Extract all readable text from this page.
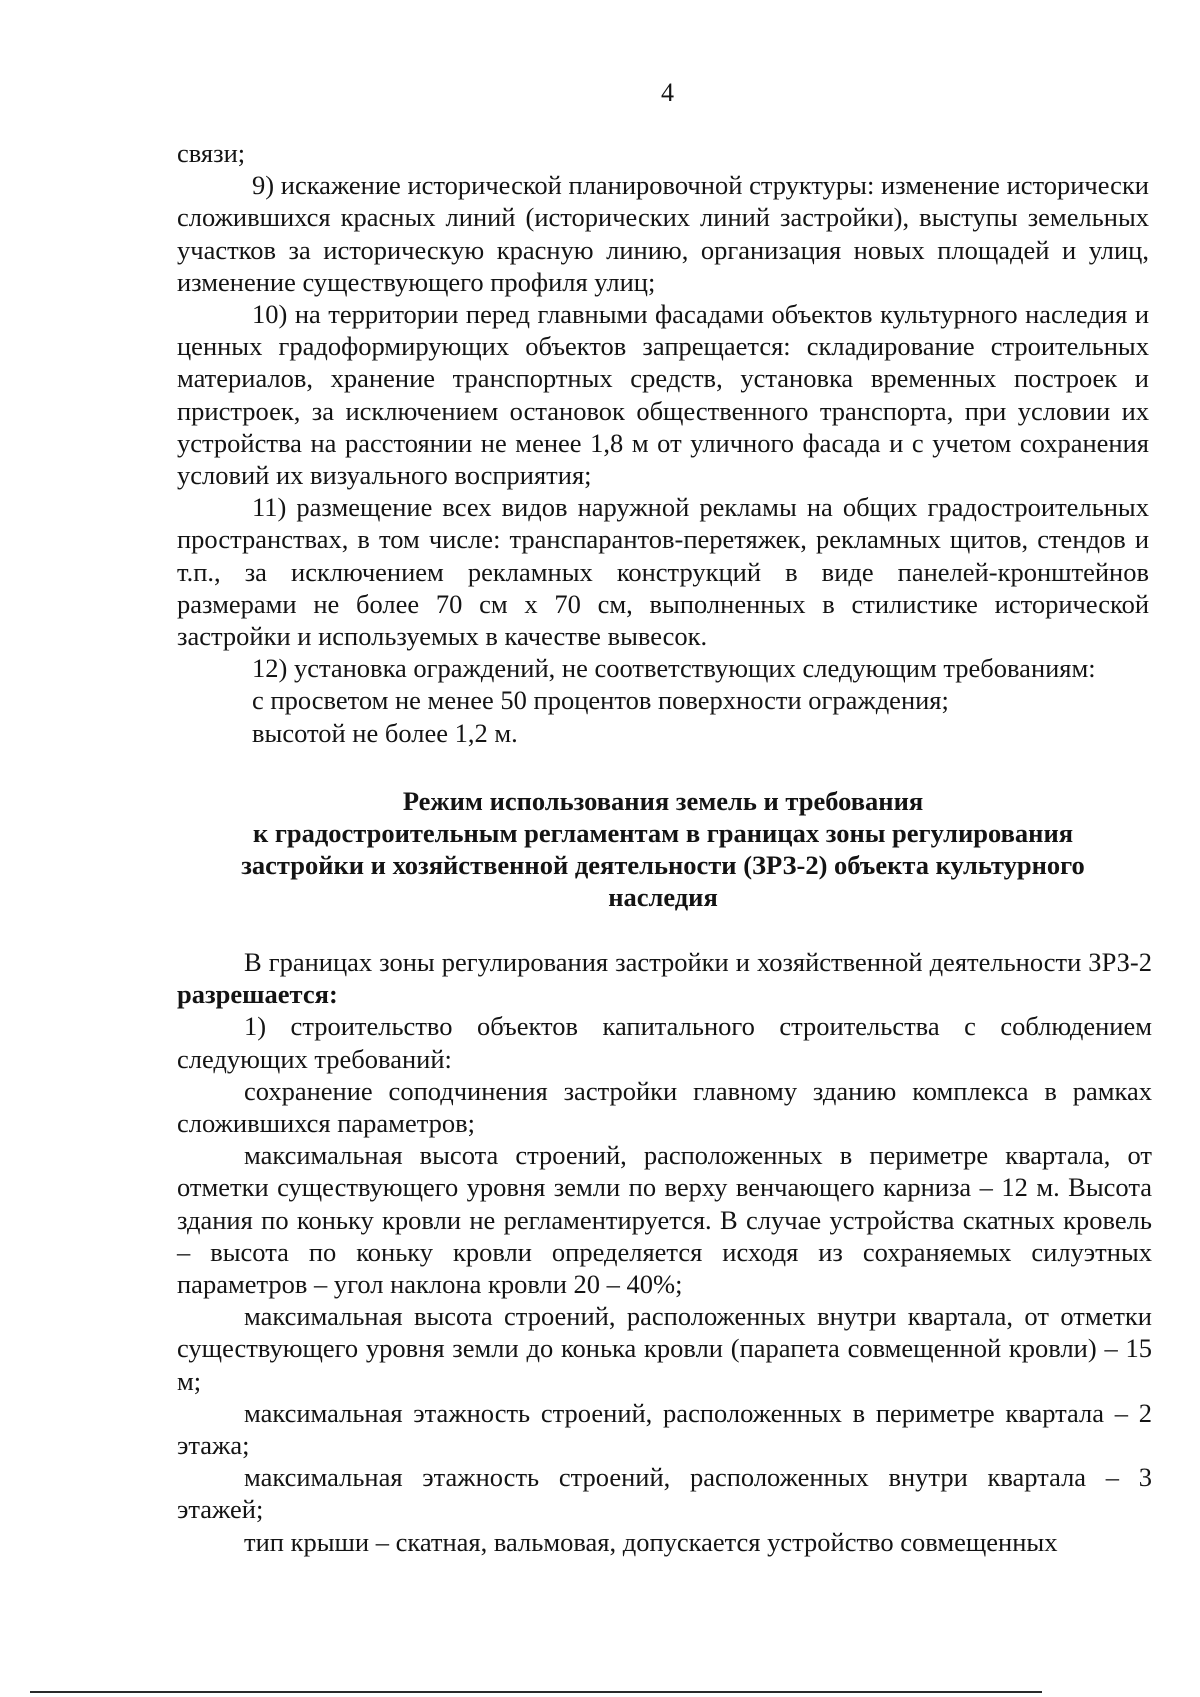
4

связи;

9) искажение исторической планировочной структуры: изменение исторически сложившихся красных линий (исторических линий застройки), выступы земельных участков за историческую красную линию, организация новых площадей и улиц, изменение существующего профиля улиц;

10) на территории перед главными фасадами объектов культурного наследия и ценных градоформирующих объектов запрещается: складирование строительных материалов, хранение транспортных средств, установка временных построек и пристроек, за исключением остановок общественного транспорта, при условии их устройства на расстоянии не менее 1,8 м от уличного фасада и с учетом сохранения условий их визуального восприятия;

11) размещение всех видов наружной рекламы на общих градостроительных пространствах, в том числе: транспарантов-перетяжек, рекламных щитов, стендов и т.п., за исключением рекламных конструкций в виде панелей-кронштейнов размерами не более 70 см х 70 см, выполненных в стилистике исторической застройки и используемых в качестве вывесок.

12) установка ограждений, не соответствующих следующим требованиям:

с просветом не менее 50 процентов поверхности ограждения;

высотой не более 1,2 м.

Режим использования земель и требования
к градостроительным регламентам в границах зоны регулирования
застройки и хозяйственной деятельности (ЗРЗ-2) объекта культурного
наследия

В границах зоны регулирования застройки и хозяйственной деятельности ЗРЗ-2 разрешается:

1) строительство объектов капитального строительства с соблюдением следующих требований:

сохранение соподчинения застройки главному зданию комплекса в рамках сложившихся параметров;

максимальная высота строений, расположенных в периметре квартала, от отметки существующего уровня земли по верху венчающего карниза – 12 м. Высота здания по коньку кровли не регламентируется. В случае устройства скатных кровель – высота по коньку кровли определяется исходя из сохраняемых силуэтных параметров – угол наклона кровли 20 – 40%;

максимальная высота строений, расположенных внутри квартала, от отметки существующего уровня земли до конька кровли (парапета совмещенной кровли) – 15 м;

максимальная этажность строений, расположенных в периметре квартала – 2 этажа;

максимальная этажность строений, расположенных внутри квартала – 3 этажей;

тип крыши – скатная, вальмовая, допускается устройство совмещенных
